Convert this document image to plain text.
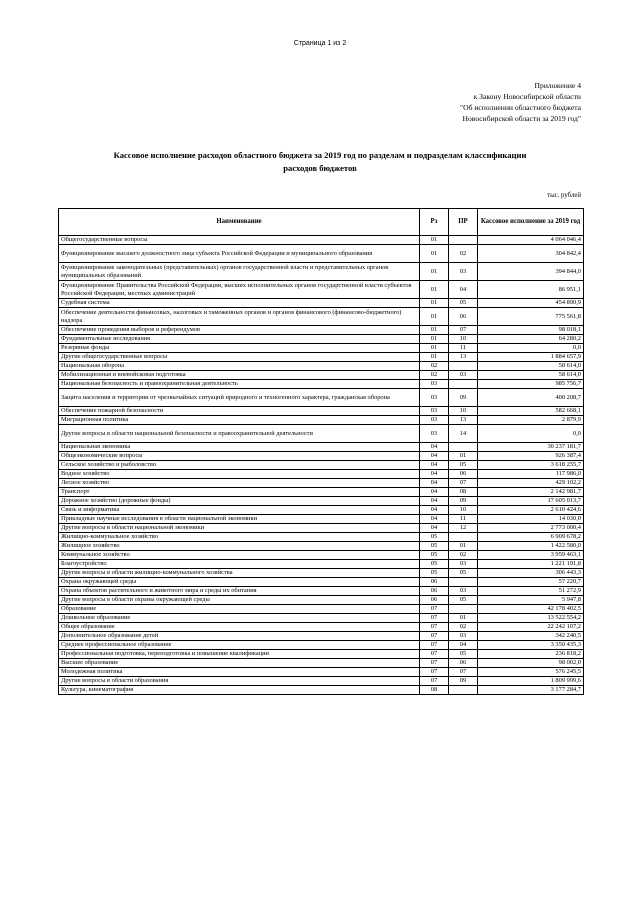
Страница 1 из 2
Приложение 4
к Закону Новосибирской области
"Об исполнении областного бюджета
Новосибирской области за 2019 год"
Кассовое исполнение расходов областного бюджета за 2019 год по разделам и подразделам классификации
расходов бюджетов
тыс. рублей
Наименование	Рз	ПР	Кассовое исполнение за 2019 год
Общегосударственные вопросы	01		4 064 046,4
Функционирование высшего должностного лица субъекта Российской Федерации и муниципального образования	01	02	304 842,4
Функционирование законодательных (представительных) органов государственной власти и представительных органов муниципальных образований	01	03	394 844,0
Функционирование Правительства Российской Федерации, высших исполнительных органов государственной власти субъектов Российской Федерации, местных администраций	01	04	86 951,1
Судебная система	01	05	454 890,9
Обеспечение деятельности финансовых, налоговых и таможенных органов и органов финансового (финансово-бюджетного) надзора	01	06	775 561,8
Обеспечение проведения выборов и референдумов	01	07	98 018,1
Фундаментальные исследования	01	10	64 280,2
Резервные фонды	01	11	0,0
Другие общегосударственные вопросы	01	13	1 884 657,9
Национальная оборона	02		58 614,0
Мобилизационная и вневойсковая подготовка	02	03	58 614,0
Национальная безопасность и правоохранительная деятельность	03		985 756,7
Защита населения и территории от чрезвычайных ситуаций природного и техногенного характера, гражданская оборона	03	09	400 208,7
Обеспечение пожарной безопасности	03	10	582 668,1
Миграционная политика	03	13	2 879,9
Другие вопросы в области национальной безопасности и правоохранительной деятельности	03	14	0,0
Национальная экономика	04		30 237 181,7
Общеэкономические вопросы	04	01	926 387,4
Сельское хозяйство и рыболовство	04	05	3 618 255,7
Водное хозяйство	04	06	117 986,0
Лесное хозяйство	04	07	429 102,2
Транспорт	04	08	2 142 981,7
Дорожное хозяйство (дорожные фонды)	04	09	17 605 013,7
Связь и информатика	04	10	2 610 424,6
Прикладные научные исследования в области национальной экономики	04	11	14 030,0
Другие вопросы в области национальной экономики	04	12	2 773 000,4
Жилищно-коммунальное хозяйство	05		6 909 678,2
Жилищное хозяйство	05	01	1 422 580,0
Коммунальное хозяйство	05	02	3 959 463,1
Благоустройство	05	03	1 221 191,8
Другие вопросы в области жилищно-коммунального хозяйства	05	05	306 443,3
Охрана окружающей среды	06		57 220,7
Охрана объектов растительного и животного мира и среды их обитания	06	03	51 272,9
Другие вопросы в области охраны окружающей среды	06	05	5 947,8
Образование	07		42 178 402,5
Дошкольное образование	07	01	13 522 554,2
Общее образование	07	02	22 242 107,2
Дополнительное образование детей	07	03	342 240,5
Среднее профессиональное образование	07	04	3 350 435,3
Профессиональная подготовка, переподготовка и повышение квалификации	07	05	236 818,2
Высшее образование	07	06	98 002,0
Молодежная политика	07	07	576 245,5
Другие вопросы в области образования	07	09	1 809 999,6
Культура, кинематография	08		3 177 284,7
